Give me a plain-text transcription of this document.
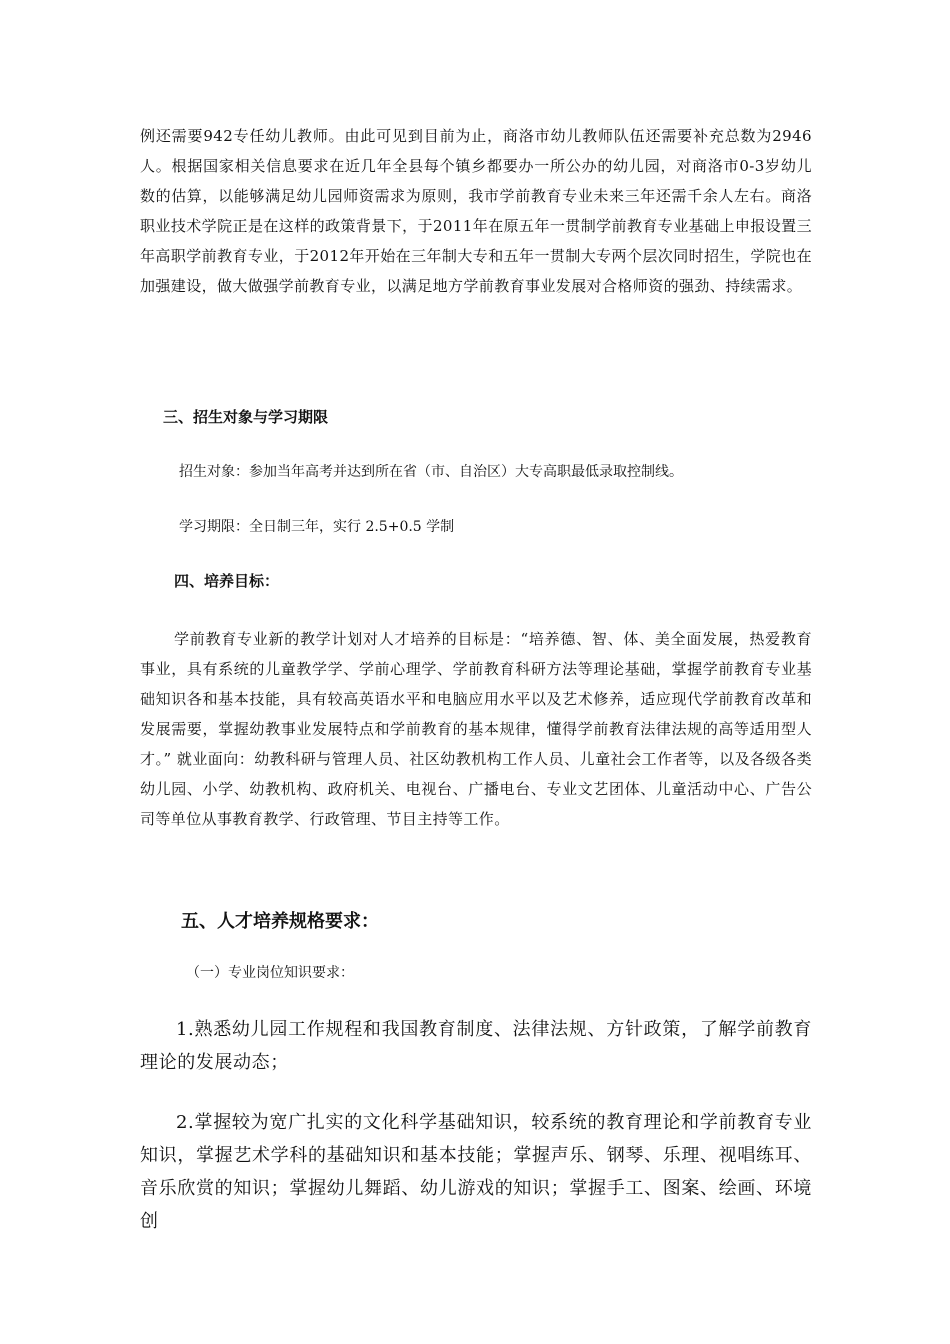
例还需要942专任幼儿教师。由此可见到目前为止，商洛市幼儿教师队伍还需要补充总数为2946人。根据国家相关信息要求在近几年全县每个镇乡都要办一所公办的幼儿园，对商洛市0-3岁幼儿数的估算，以能够满足幼儿园师资需求为原则，我市学前教育专业未来三年还需千余人左右。商洛职业技术学院正是在这样的政策背景下，于2011年在原五年一贯制学前教育专业基础上申报设置三年高职学前教育专业，于2012年开始在三年制大专和五年一贯制大专两个层次同时招生，学院也在加强建设，做大做强学前教育专业，以满足地方学前教育事业发展对合格师资的强劲、持续需求。

三、招生对象与学习期限

招生对象：参加当年高考并达到所在省（市、自治区）大专高职最低录取控制线。

学习期限：全日制三年，实行 2.5+0.5 学制

四、培养目标：

学前教育专业新的教学计划对人才培养的目标是：“培养德、智、体、美全面发展，热爱教育事业，具有系统的儿童教学学、学前心理学、学前教育科研方法等理论基础，掌握学前教育专业基础知识各和基本技能，具有较高英语水平和电脑应用水平以及艺术修养，适应现代学前教育改革和发展需要，掌握幼教事业发展特点和学前教育的基本规律，懂得学前教育法律法规的高等适用型人才。” 就业面向：幼教科研与管理人员、社区幼教机构工作人员、儿童社会工作者等，以及各级各类幼儿园、小学、幼教机构、政府机关、电视台、广播电台、专业文艺团体、儿童活动中心、广告公司等单位从事教育教学、行政管理、节目主持等工作。

五、人才培养规格要求：

（一）专业岗位知识要求：

1.熟悉幼儿园工作规程和我国教育制度、法律法规、方针政策，了解学前教育理论的发展动态；

2.掌握较为宽广扎实的文化科学基础知识，较系统的教育理论和学前教育专业知识，掌握艺术学科的基础知识和基本技能；掌握声乐、钢琴、乐理、视唱练耳、音乐欣赏的知识；掌握幼儿舞蹈、幼儿游戏的知识；掌握手工、图案、绘画、环境创
